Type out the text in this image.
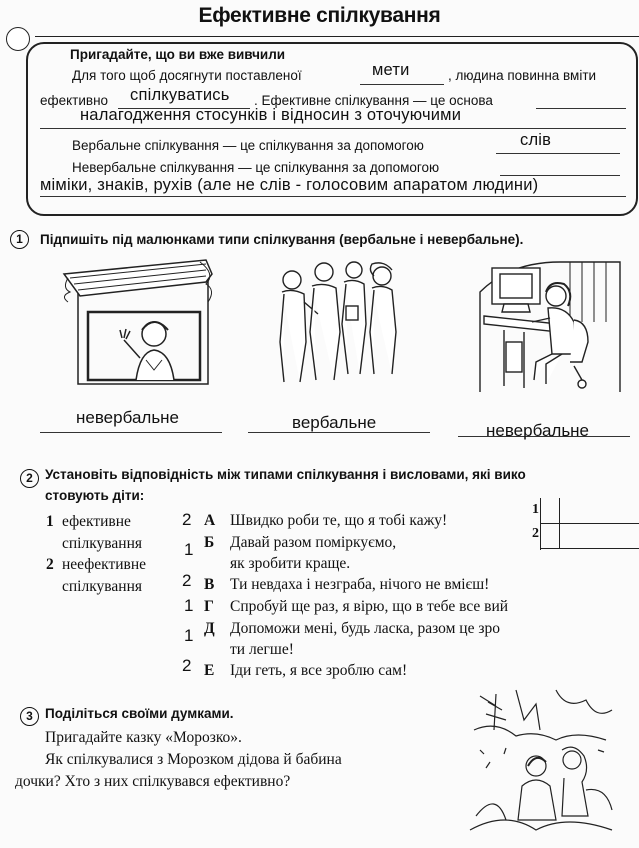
Ефективне спілкування
Пригадайте, що ви вже вивчили
Для того щоб досягнути поставленої	мети	, людина повинна вміти
ефективно спілкуватись . Ефективне спілкування — це основа
налагодження стосунків і відносин з оточуючими
Вербальне спілкування — це спілкування за допомогою	слів
Невербальне спілкування — це спілкування за допомогою
міміки, знаків, рухів (але не слів - голосовим апаратом людини)
1	Підпишіть під малюнками типи спілкування (вербальне і невербальне).
невербальне	вербальне	невербальне
2 Установіть відповідність між типами спілкування і висловами, які вико
стовують діти:
1 ефективне
спілкування
2 неефективне
спілкування
2 А Швидко роби те, що я тобі кажу!
1 Б Давай разом поміркуємо,
як зробити краще.
2 В Ти невдаха і незграба, нічого не вмієш!
1 Г Спробуй ще раз, я вірю, що в тебе все вий
1 Д Допоможи мені, будь ласка, разом це зро
ти легше!
2 Е Іди геть, я все зроблю сам!
1
2
3 Поділіться своїми думками.
Пригадайте казку «Морозко».
Як спілкувалися з Морозком дідова й бабина
дочки? Хто з них спілкувався ефективно?
